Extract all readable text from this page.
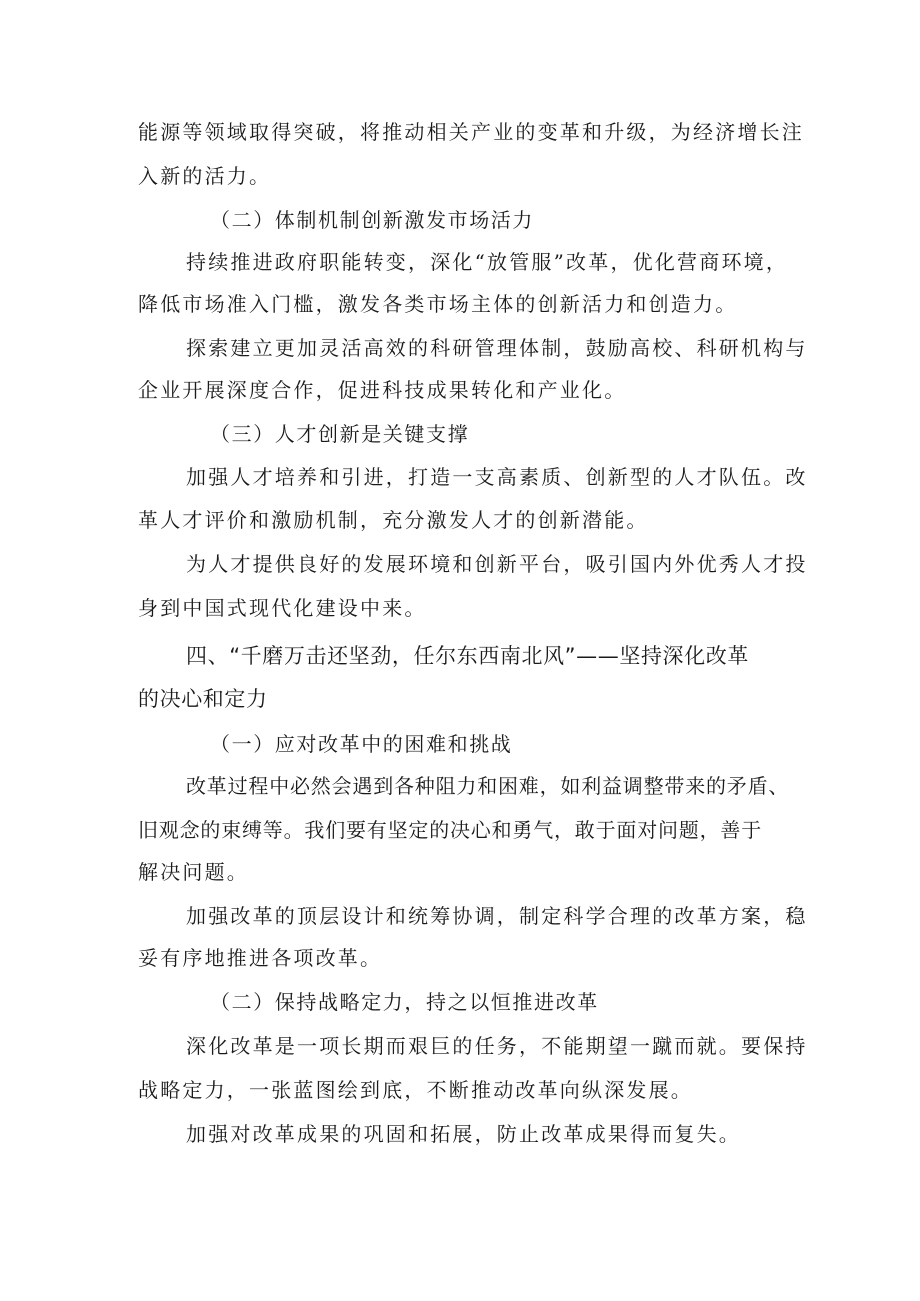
能源等领域取得突破，将推动相关产业的变革和升级，为经济增长注
入新的活力。
（二）体制机制创新激发市场活力
持续推进政府职能转变，深化“放管服”改革，优化营商环境，
降低市场准入门槛，激发各类市场主体的创新活力和创造力。
探索建立更加灵活高效的科研管理体制，鼓励高校、科研机构与
企业开展深度合作，促进科技成果转化和产业化。
（三）人才创新是关键支撑
加强人才培养和引进，打造一支高素质、创新型的人才队伍。改
革人才评价和激励机制，充分激发人才的创新潜能。
为人才提供良好的发展环境和创新平台，吸引国内外优秀人才投
身到中国式现代化建设中来。
四、“千磨万击还坚劲，任尔东西南北风”——坚持深化改革
的决心和定力
（一）应对改革中的困难和挑战
改革过程中必然会遇到各种阻力和困难，如利益调整带来的矛盾、
旧观念的束缚等。我们要有坚定的决心和勇气，敢于面对问题，善于
解决问题。
加强改革的顶层设计和统筹协调，制定科学合理的改革方案，稳
妥有序地推进各项改革。
（二）保持战略定力，持之以恒推进改革
深化改革是一项长期而艰巨的任务，不能期望一蹴而就。要保持
战略定力，一张蓝图绘到底，不断推动改革向纵深发展。
加强对改革成果的巩固和拓展，防止改革成果得而复失。
